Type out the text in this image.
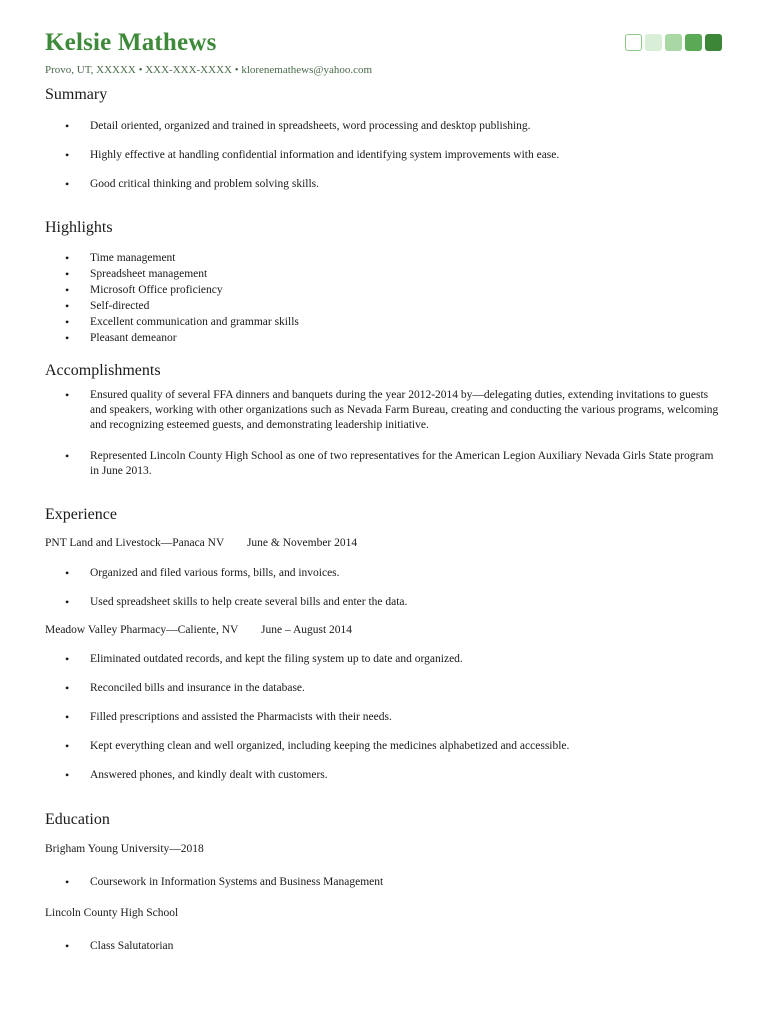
Kelsie Mathews
Provo, UT, XXXXX • XXX-XXX-XXXX • klorenemathews@yahoo.com
Summary
• Detail oriented, organized and trained in spreadsheets, word processing and desktop publishing.
• Highly effective at handling confidential information and identifying system improvements with ease.
• Good critical thinking and problem solving skills.
Highlights
• Time management
• Spreadsheet management
• Microsoft Office proficiency
• Self-directed
• Excellent communication and grammar skills
• Pleasant demeanor
Accomplishments
• Ensured quality of several FFA dinners and banquets during the year 2012-2014 by—delegating duties, extending invitations to guests and speakers, working with other organizations such as Nevada Farm Bureau, creating and conducting the various programs, welcoming and recognizing esteemed guests, and demonstrating leadership initiative.
• Represented Lincoln County High School as one of two representatives for the American Legion Auxiliary Nevada Girls State program in June 2013.
Experience
PNT Land and Livestock—Panaca NV June & November 2014
• Organized and filed various forms, bills, and invoices.
• Used spreadsheet skills to help create several bills and enter the data.
Meadow Valley Pharmacy—Caliente, NV June – August 2014
• Eliminated outdated records, and kept the filing system up to date and organized.
• Reconciled bills and insurance in the database.
• Filled prescriptions and assisted the Pharmacists with their needs.
• Kept everything clean and well organized, including keeping the medicines alphabetized and accessible.
• Answered phones, and kindly dealt with customers.
Education
Brigham Young University—2018
• Coursework in Information Systems and Business Management
Lincoln County High School
• Class Salutatorian
